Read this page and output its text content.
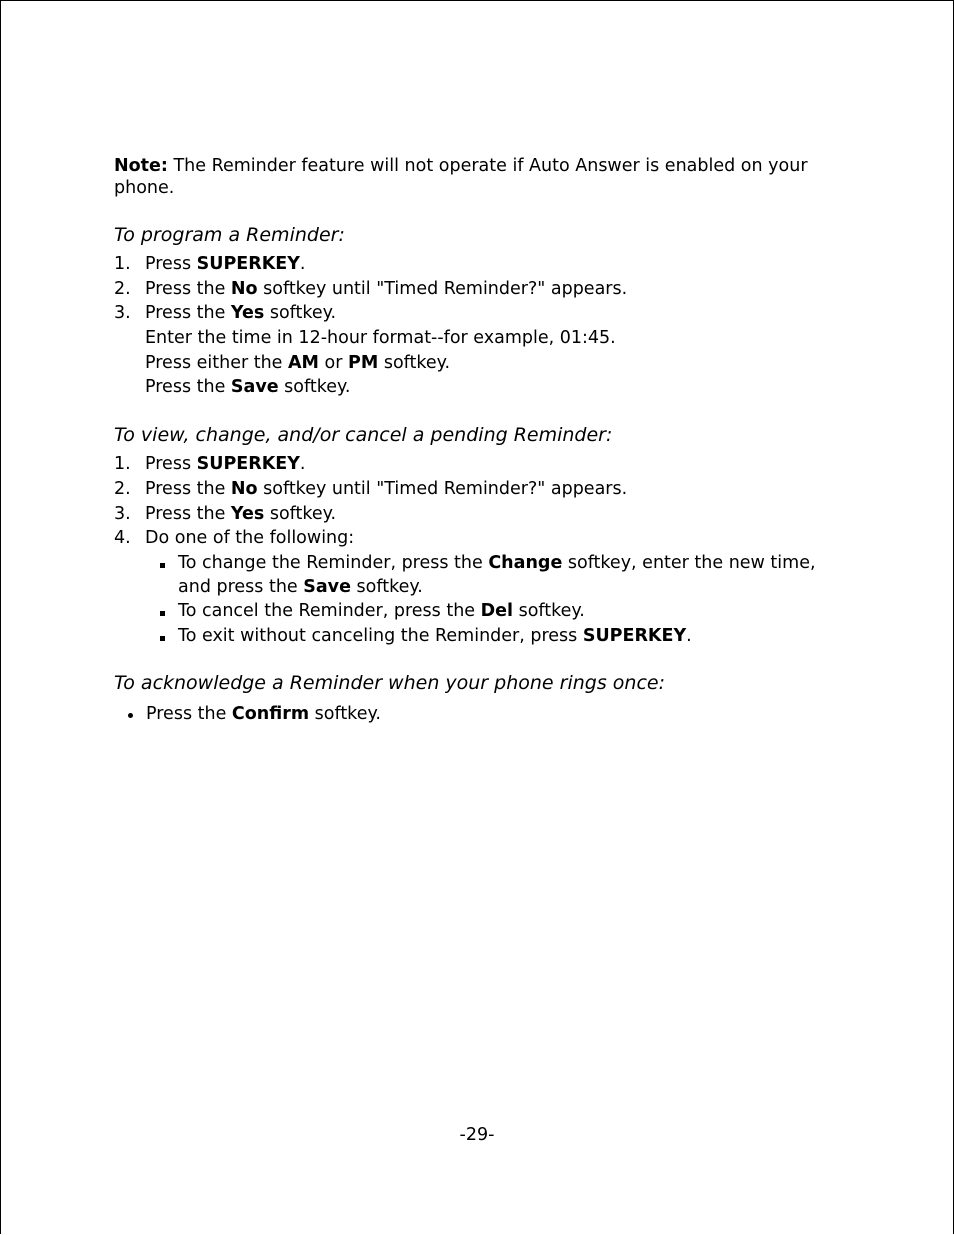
Note: The Reminder feature will not operate if Auto Answer is enabled on your phone.

To program a Reminder:

1. Press SUPERKEY.
2. Press the No softkey until "Timed Reminder?" appears.
3. Press the Yes softkey.
Enter the time in 12-hour format--for example, 01:45.
Press either the AM or PM softkey.
Press the Save softkey.

To view, change, and/or cancel a pending Reminder:

1. Press SUPERKEY.
2. Press the No softkey until "Timed Reminder?" appears.
3. Press the Yes softkey.
4. Do one of the following:
To change the Reminder, press the Change softkey, enter the new time, and press the Save softkey.
To cancel the Reminder, press the Del softkey.
To exit without canceling the Reminder, press SUPERKEY.

To acknowledge a Reminder when your phone rings once:

Press the Confirm softkey.
-29-
